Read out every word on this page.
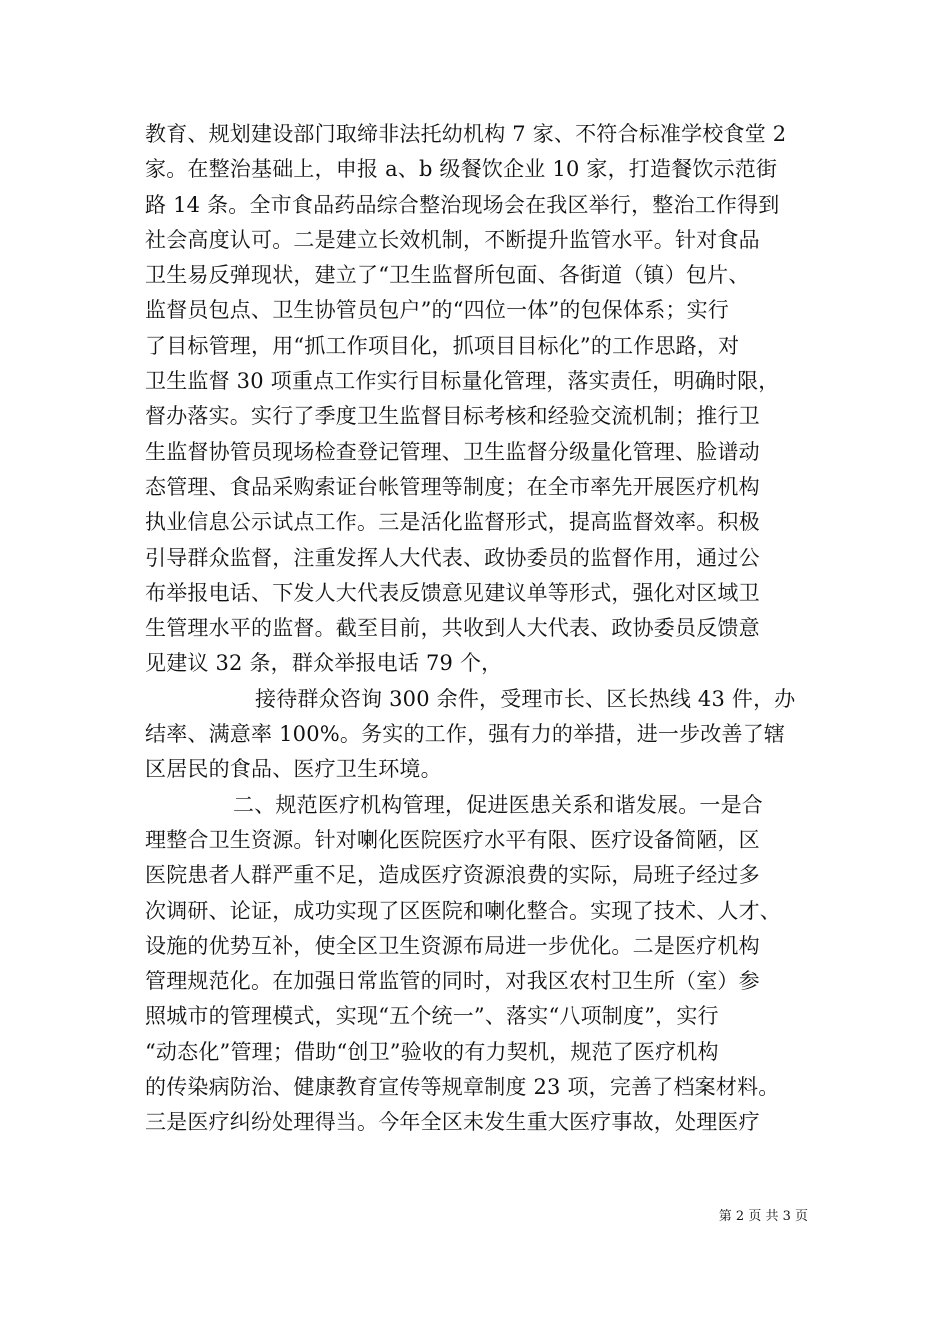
教育、规划建设部门取缔非法托幼机构 7 家、不符合标准学校食堂 2
家。在整治基础上，申报 a、b 级餐饮企业 10 家，打造餐饮示范街
路 14 条。全市食品药品综合整治现场会在我区举行，整治工作得到
社会高度认可。二是建立长效机制，不断提升监管水平。针对食品
卫生易反弹现状，建立了“卫生监督所包面、各街道（镇）包片、
监督员包点、卫生协管员包户”的“四位一体”的包保体系；实行
了目标管理，用“抓工作项目化，抓项目目标化”的工作思路，对
卫生监督 30 项重点工作实行目标量化管理，落实责任，明确时限，
督办落实。实行了季度卫生监督目标考核和经验交流机制；推行卫
生监督协管员现场检查登记管理、卫生监督分级量化管理、脸谱动
态管理、食品采购索证台帐管理等制度；在全市率先开展医疗机构
执业信息公示试点工作。三是活化监督形式，提高监督效率。积极
引导群众监督，注重发挥人大代表、政协委员的监督作用，通过公
布举报电话、下发人大代表反馈意见建议单等形式，强化对区域卫
生管理水平的监督。截至目前，共收到人大代表、政协委员反馈意
见建议 32 条，群众举报电话 79 个，
接待群众咨询 300 余件，受理市长、区长热线 43 件，办
结率、满意率 100%。务实的工作，强有力的举措，进一步改善了辖
区居民的食品、医疗卫生环境。
二、规范医疗机构管理，促进医患关系和谐发展。一是合
理整合卫生资源。针对喇化医院医疗水平有限、医疗设备简陋，区
医院患者人群严重不足，造成医疗资源浪费的实际，局班子经过多
次调研、论证，成功实现了区医院和喇化整合。实现了技术、人才、
设施的优势互补，使全区卫生资源布局进一步优化。二是医疗机构
管理规范化。在加强日常监管的同时，对我区农村卫生所（室）参
照城市的管理模式，实现“五个统一”、落实“八项制度”，实行
“动态化”管理；借助“创卫”验收的有力契机，规范了医疗机构
的传染病防治、健康教育宣传等规章制度 23 项，完善了档案材料。
三是医疗纠纷处理得当。今年全区未发生重大医疗事故，处理医疗
第 2 页 共 3 页
